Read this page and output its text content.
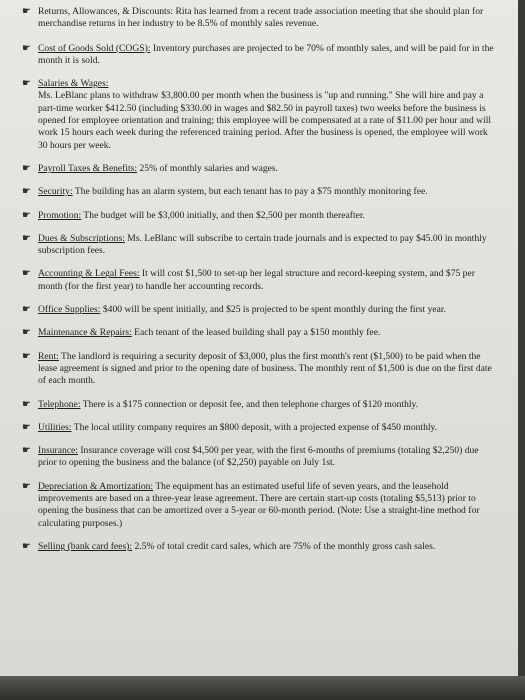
☛ Returns, Allowances, & Discounts: Rita has learned from a recent trade association meeting that she should plan for merchandise returns in her industry to be 8.5% of monthly sales revenue.
☛ Cost of Goods Sold (COGS): Inventory purchases are projected to be 70% of monthly sales, and will be paid for in the month it is sold.
☛ Salaries & Wages:
Ms. LeBlanc plans to withdraw $3,800.00 per month when the business is "up and running." She will hire and pay a part-time worker $412.50 (including $330.00 in wages and $82.50 in payroll taxes) two weeks before the business is opened for employee orientation and training; this employee will be compensated at a rate of $11.00 per hour and will work 15 hours each week during the referenced training period. After the business is opened, the employee will work 30 hours per week.
☛ Payroll Taxes & Benefits: 25% of monthly salaries and wages.
☛ Security: The building has an alarm system, but each tenant has to pay a $75 monthly monitoring fee.
☛ Promotion: The budget will be $3,000 initially, and then $2,500 per month thereafter.
☛ Dues & Subscriptions: Ms. LeBlanc will subscribe to certain trade journals and is expected to pay $45.00 in monthly subscription fees.
☛ Accounting & Legal Fees: It will cost $1,500 to set-up her legal structure and record-keeping system, and $75 per month (for the first year) to handle her accounting records.
☛ Office Supplies: $400 will be spent initially, and $25 is projected to be spent monthly during the first year.
☛ Maintenance & Repairs: Each tenant of the leased building shall pay a $150 monthly fee.
☛ Rent: The landlord is requiring a security deposit of $3,000, plus the first month's rent ($1,500) to be paid when the lease agreement is signed and prior to the opening date of business. The monthly rent of $1,500 is due on the first date of each month.
☛ Telephone: There is a $175 connection or deposit fee, and then telephone charges of $120 monthly.
☛ Utilities: The local utility company requires an $800 deposit, with a projected expense of $450 monthly.
☛ Insurance: Insurance coverage will cost $4,500 per year, with the first 6-months of premiums (totaling $2,250) due prior to opening the business and the balance (of $2,250) payable on July 1st.
☛ Depreciation & Amortization: The equipment has an estimated useful life of seven years, and the leasehold improvements are based on a three-year lease agreement. There are certain start-up costs (totaling $5,513) prior to opening the business that can be amortized over a 5-year or 60-month period. (Note: Use a straight-line method for calculating purposes.)
☛ Selling (bank card fees): 2.5% of total credit card sales, which are 75% of the monthly gross cash sales.
